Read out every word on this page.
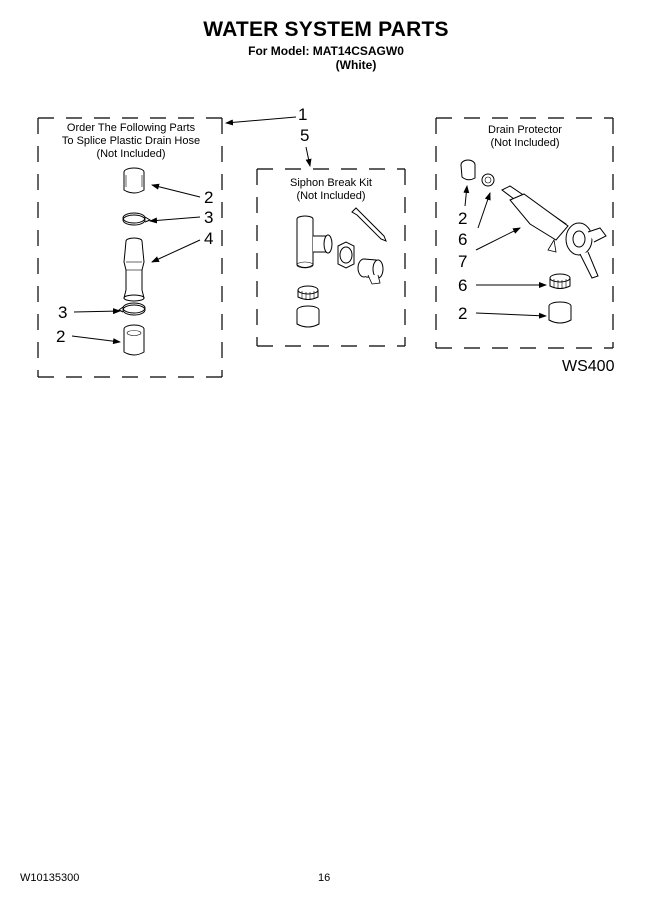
WATER SYSTEM PARTS
For Model: MAT14CSAGW0
(White)
Order The Following Parts
To Splice Plastic Drain Hose
(Not Included)
Siphon Break Kit
(Not Included)
Drain Protector
(Not Included)
1
5
2
3
4
3
2
2
6
7
6
2
WS400
W10135300	16
